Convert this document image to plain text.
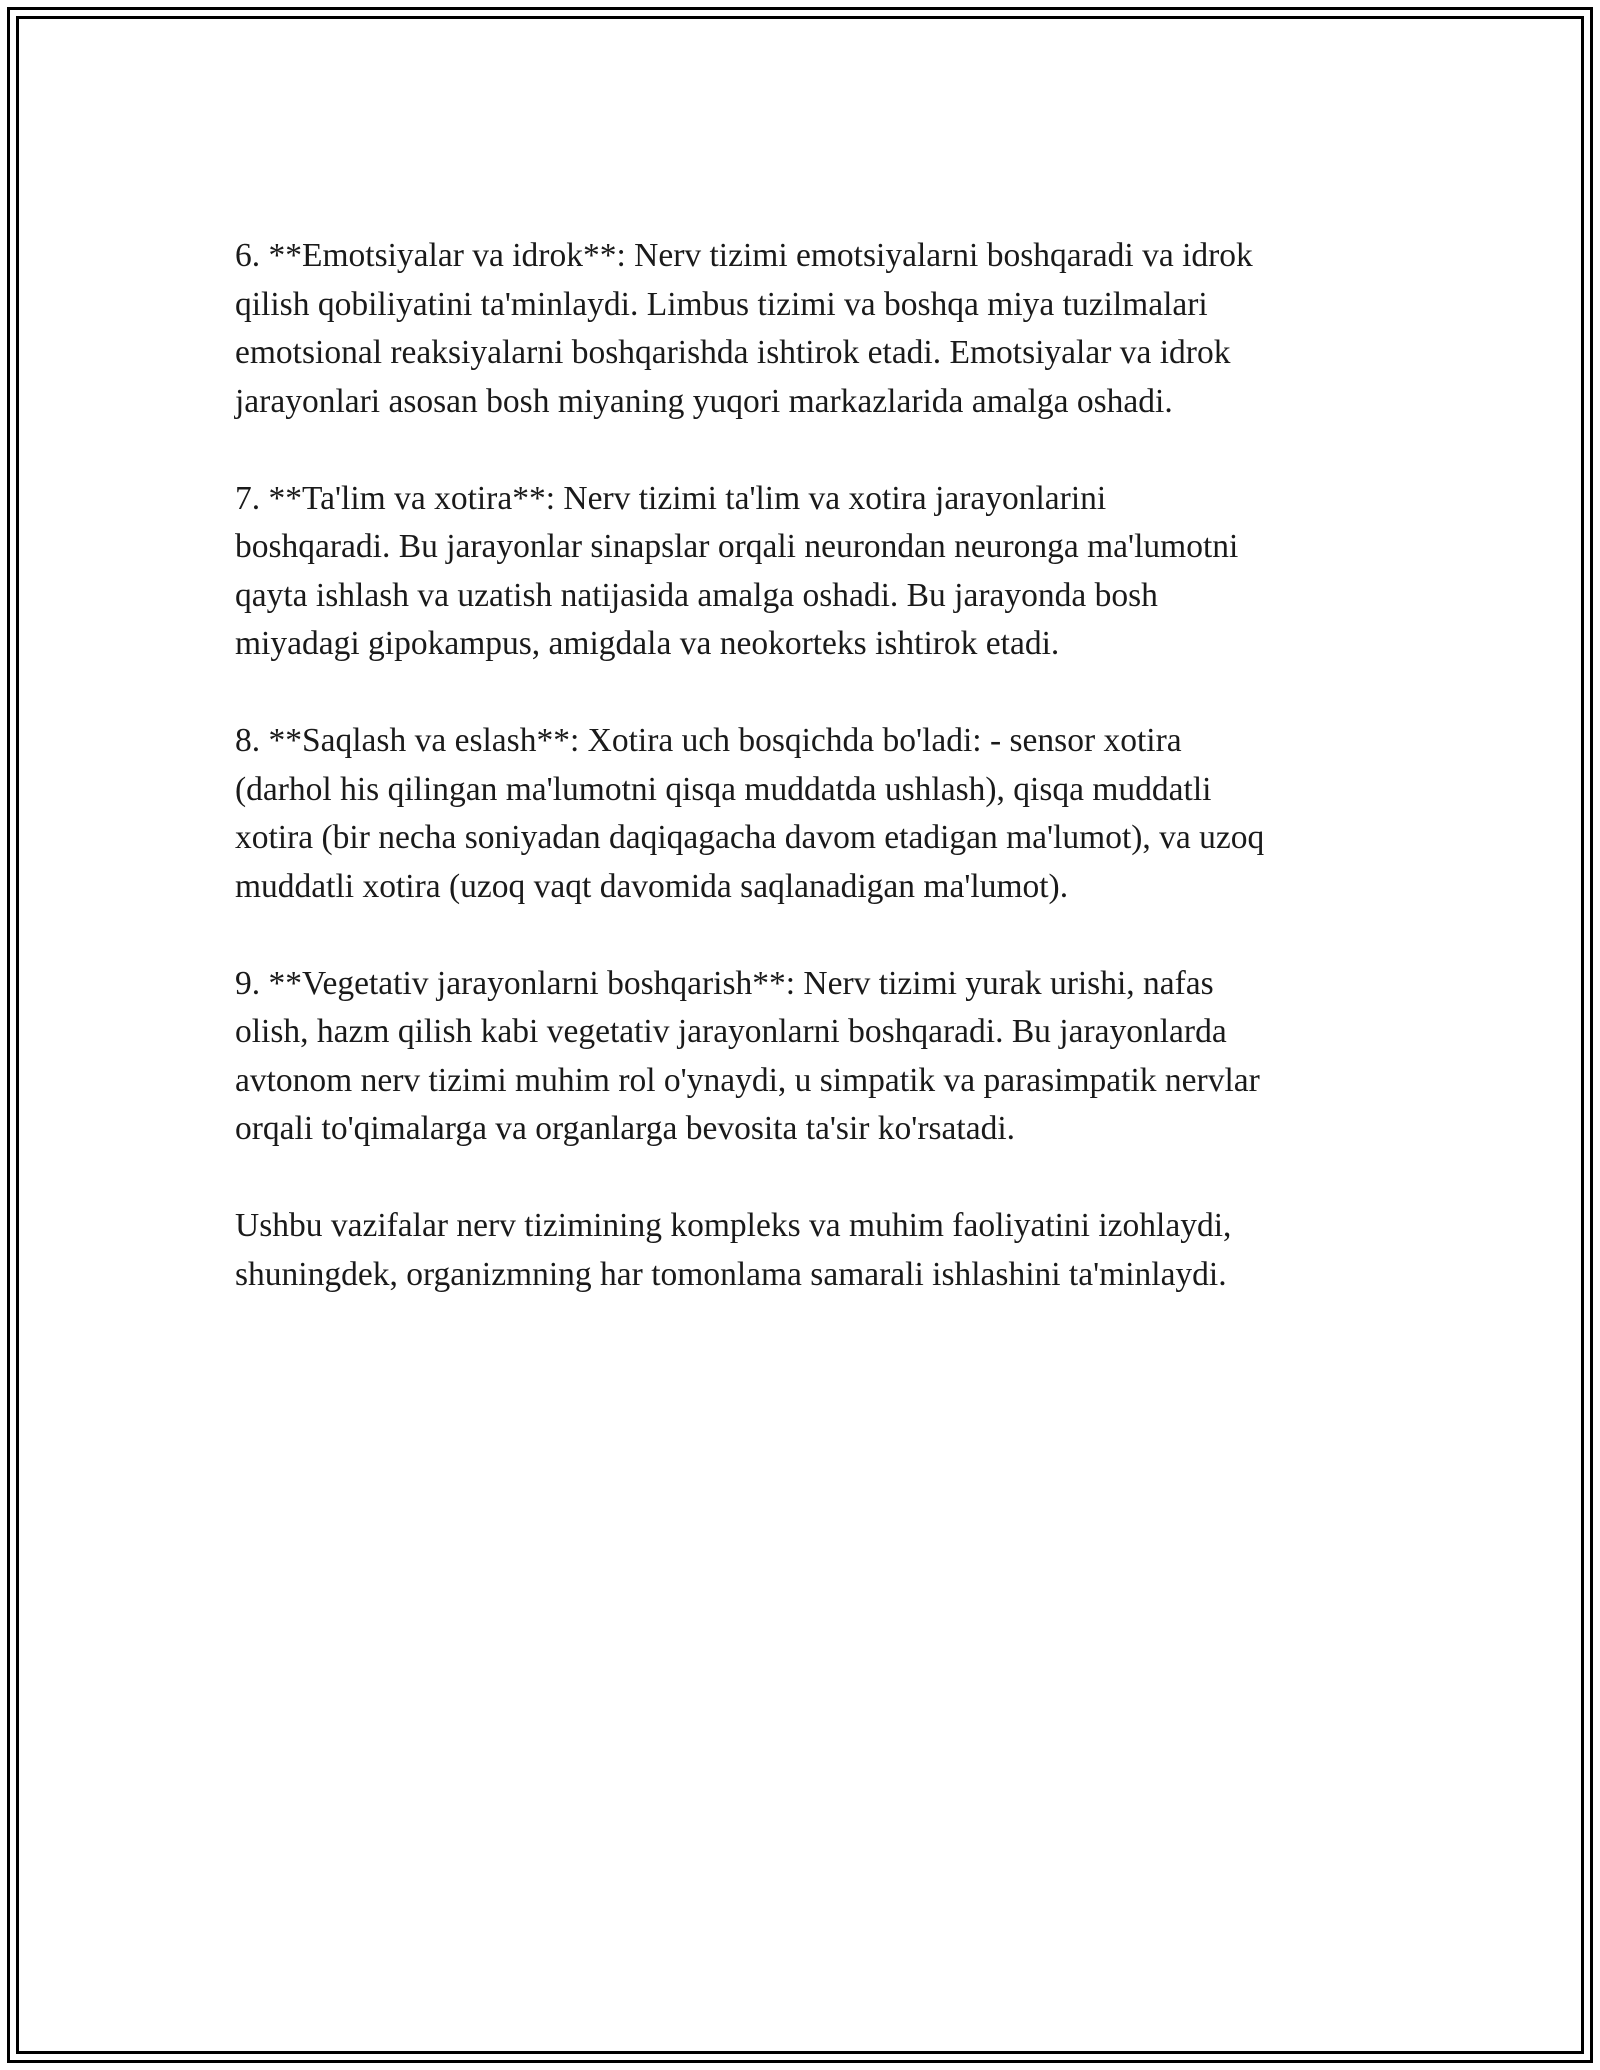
6. **Emotsiyalar va idrok**: Nerv tizimi emotsiyalarni boshqaradi va idrok
qilish qobiliyatini ta'minlaydi. Limbus tizimi va boshqa miya tuzilmalari
emotsional reaksiyalarni boshqarishda ishtirok etadi. Emotsiyalar va idrok
jarayonlari asosan bosh miyaning yuqori markazlarida amalga oshadi.

7. **Ta'lim va xotira**: Nerv tizimi ta'lim va xotira jarayonlarini
boshqaradi. Bu jarayonlar sinapslar orqali neurondan neuronga ma'lumotni
qayta ishlash va uzatish natijasida amalga oshadi. Bu jarayonda bosh
miyadagi gipokampus, amigdala va neokorteks ishtirok etadi.

8. **Saqlash va eslash**: Xotira uch bosqichda bo'ladi: - sensor xotira
(darhol his qilingan ma'lumotni qisqa muddatda ushlash), qisqa muddatli
xotira (bir necha soniyadan daqiqagacha davom etadigan ma'lumot), va uzoq
muddatli xotira (uzoq vaqt davomida saqlanadigan ma'lumot).

9. **Vegetativ jarayonlarni boshqarish**: Nerv tizimi yurak urishi, nafas
olish, hazm qilish kabi vegetativ jarayonlarni boshqaradi. Bu jarayonlarda
avtonom nerv tizimi muhim rol o'ynaydi, u simpatik va parasimpatik nervlar
orqali to'qimalarga va organlarga bevosita ta'sir ko'rsatadi.

Ushbu vazifalar nerv tizimining kompleks va muhim faoliyatini izohlaydi,
shuningdek, organizmning har tomonlama samarali ishlashini ta'minlaydi.
